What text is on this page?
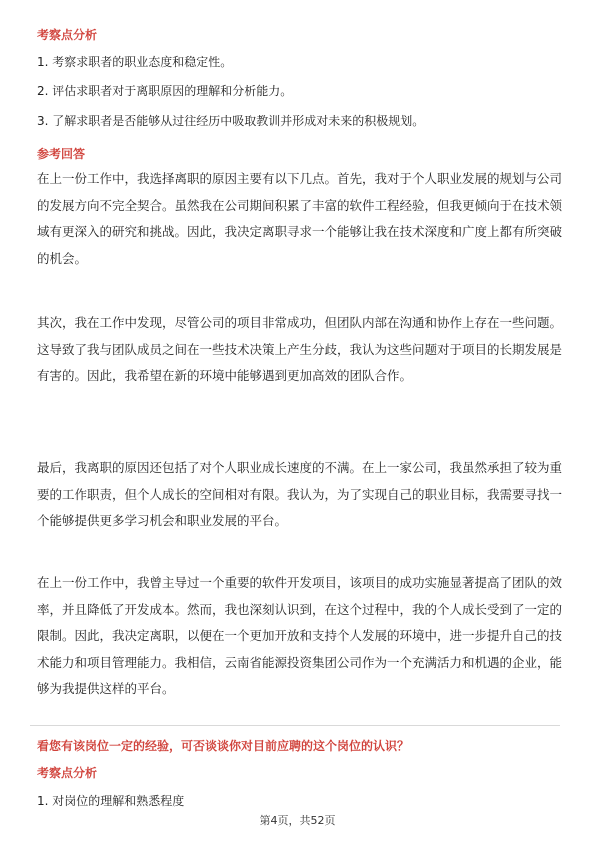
考察点分析
1. 考察求职者的职业态度和稳定性。
2. 评估求职者对于离职原因的理解和分析能力。
3. 了解求职者是否能够从过往经历中吸取教训并形成对未来的积极规划。
参考回答

在上一份工作中，我选择离职的原因主要有以下几点。首先，我对于个人职业发展的规划与公司的发展方向不完全契合。虽然我在公司期间积累了丰富的软件工程经验，但我更倾向于在技术领域有更深入的研究和挑战。因此，我决定离职寻求一个能够让我在技术深度和广度上都有所突破的机会。

其次，我在工作中发现，尽管公司的项目非常成功，但团队内部在沟通和协作上存在一些问题。这导致了我与团队成员之间在一些技术决策上产生分歧，我认为这些问题对于项目的长期发展是有害的。因此，我希望在新的环境中能够遇到更加高效的团队合作。

最后，我离职的原因还包括了对个人职业成长速度的不满。在上一家公司，我虽然承担了较为重要的工作职责，但个人成长的空间相对有限。我认为，为了实现自己的职业目标，我需要寻找一个能够提供更多学习机会和职业发展的平台。

在上一份工作中，我曾主导过一个重要的软件开发项目，该项目的成功实施显著提高了团队的效率，并且降低了开发成本。然而，我也深刻认识到，在这个过程中，我的个人成长受到了一定的限制。因此，我决定离职，以便在一个更加开放和支持个人发展的环境中，进一步提升自己的技术能力和项目管理能力。我相信，云南省能源投资集团公司作为一个充满活力和机遇的企业，能够为我提供这样的平台。

看您有该岗位一定的经验，可否谈谈你对目前应聘的这个岗位的认识？
考察点分析
1. 对岗位的理解和熟悉程度
第4页，共52页
